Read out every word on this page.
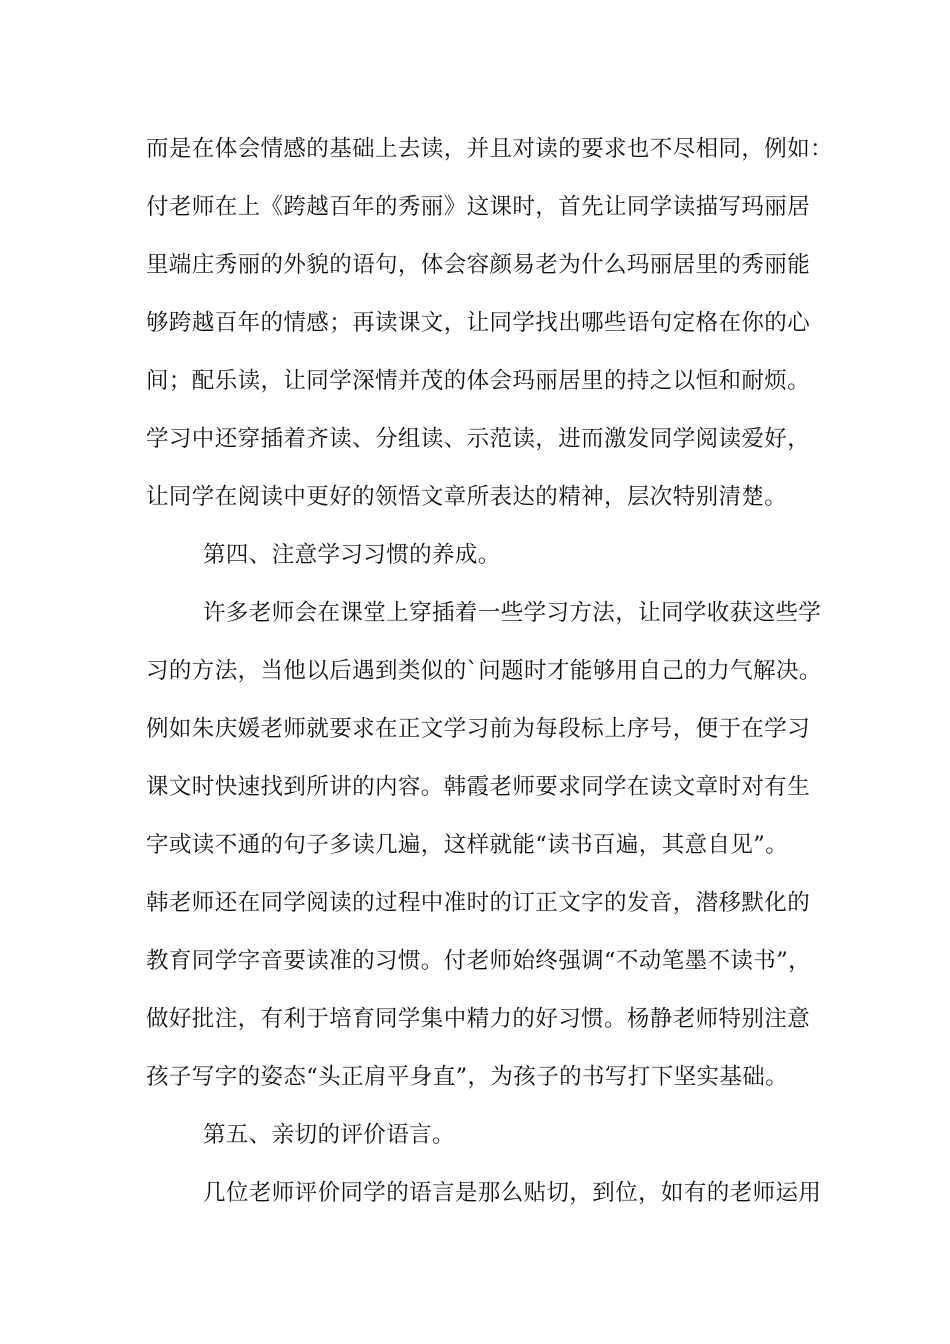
而是在体会情感的基础上去读，并且对读的要求也不尽相同，例如：
付老师在上《跨越百年的秀丽》这课时，首先让同学读描写玛丽居
里端庄秀丽的外貌的语句，体会容颜易老为什么玛丽居里的秀丽能
够跨越百年的情感；再读课文，让同学找出哪些语句定格在你的心
间；配乐读，让同学深情并茂的体会玛丽居里的持之以恒和耐烦。
学习中还穿插着齐读、分组读、示范读，进而激发同学阅读爱好，
让同学在阅读中更好的领悟文章所表达的精神，层次特别清楚。
第四、注意学习习惯的养成。
许多老师会在课堂上穿插着一些学习方法，让同学收获这些学
习的方法，当他以后遇到类似的`问题时才能够用自己的力气解决。
例如朱庆媛老师就要求在正文学习前为每段标上序号，便于在学习
课文时快速找到所讲的内容。韩霞老师要求同学在读文章时对有生
字或读不通的句子多读几遍，这样就能“读书百遍，其意自见”。
韩老师还在同学阅读的过程中准时的订正文字的发音，潜移默化的
教育同学字音要读准的习惯。付老师始终强调“不动笔墨不读书”，
做好批注，有利于培育同学集中精力的好习惯。杨静老师特别注意
孩子写字的姿态“头正肩平身直”，为孩子的书写打下坚实基础。
第五、亲切的评价语言。
几位老师评价同学的语言是那么贴切，到位，如有的老师运用
